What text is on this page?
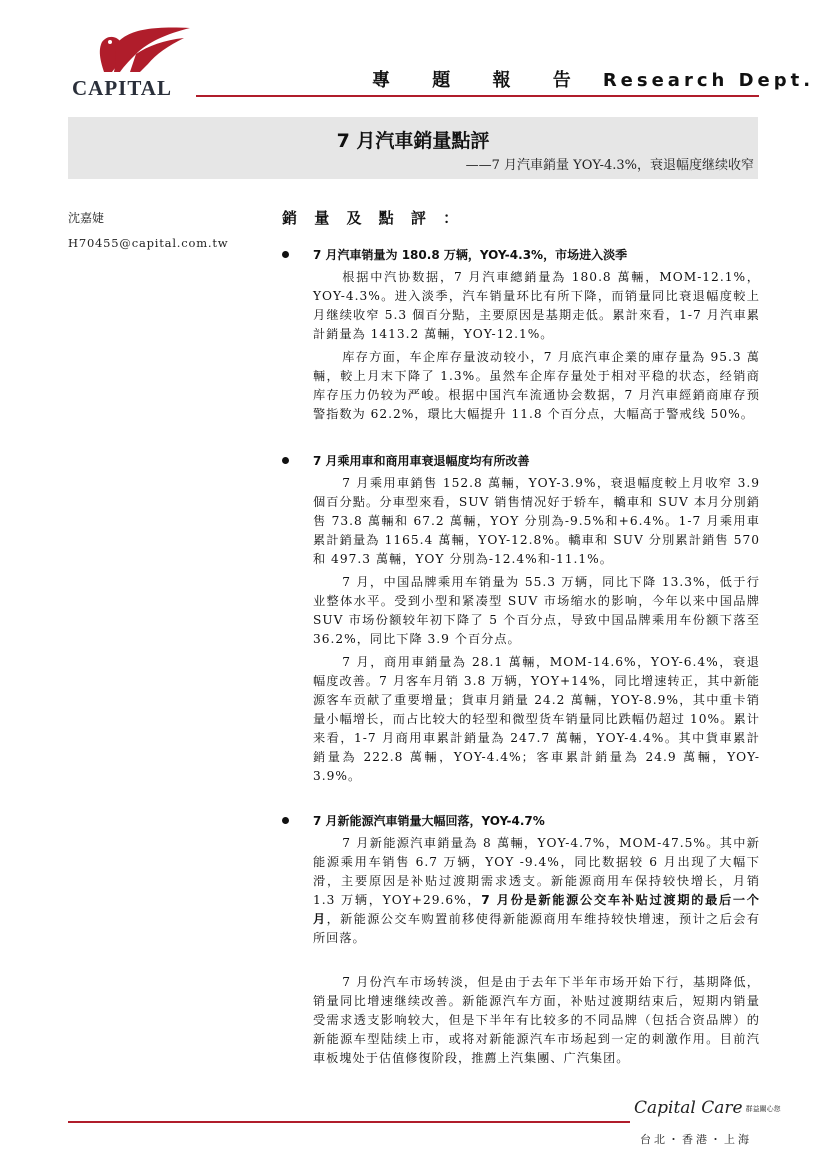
CAPITAL	專 題 報 告 Research Dept.
7 月汽車銷量點評
——7 月汽車銷量 YOY-4.3%，衰退幅度继续收窄
沈嘉婕
H70455@capital.com.tw
銷 量 及 點 評 ：
7 月汽車销量为 180.8 万辆，YOY-4.3%，市场进入淡季

根据中汽协数据，7 月汽車總銷量為 180.8 萬輛，MOM-12.1%，YOY-4.3%。进入淡季，汽车销量环比有所下降，而销量同比衰退幅度較上月继续收窄 5.3 個百分點，主要原因是基期走低。累計來看，1-7 月汽車累計銷量為 1413.2 萬輛，YOY-12.1%。

库存方面，车企库存量波动较小，7 月底汽車企業的庫存量為 95.3 萬輛，較上月末下降了 1.3%。虽然车企库存量处于相对平稳的状态，经销商库存压力仍较为严峻。根据中国汽车流通协会数据，7 月汽車經銷商庫存预警指数为 62.2%，環比大幅提升 11.8 个百分点，大幅高于警戒线 50%。

7 月乘用車和商用車衰退幅度均有所改善

7 月乘用車銷售 152.8 萬輛，YOY-3.9%，衰退幅度較上月收窄 3.9 個百分點。分車型來看，SUV 销售情况好于轿车，轎車和 SUV 本月分別銷售 73.8 萬輛和 67.2 萬輛，YOY 分別為-9.5%和+6.4%。1-7 月乘用車累計銷量為 1165.4 萬輛，YOY-12.8%。轎車和 SUV 分別累計銷售 570 和 497.3 萬輛，YOY 分別為-12.4%和-11.1%。

7 月，中国品牌乘用车销量为 55.3 万辆，同比下降 13.3%，低于行业整体水平。受到小型和紧凑型 SUV 市场缩水的影响，今年以来中国品牌 SUV 市场份额较年初下降了 5 个百分点，导致中国品牌乘用车份额下落至 36.2%，同比下降 3.9 个百分点。

7 月，商用車銷量為 28.1 萬輛，MOM-14.6%，YOY-6.4%，衰退幅度改善。7 月客车月销 3.8 万辆，YOY+14%，同比增速转正，其中新能源客车贡献了重要增量；貨車月銷量 24.2 萬輛，YOY-8.9%，其中重卡销量小幅增长，而占比较大的轻型和微型货车销量同比跌幅仍超过 10%。累计来看，1-7 月商用車累計銷量為 247.7 萬輛，YOY-4.4%。其中貨車累計銷量為 222.8 萬輛，YOY-4.4%；客車累計銷量為 24.9 萬輛，YOY-3.9%。

7 月新能源汽車销量大幅回落，YOY-4.7%

7 月新能源汽車銷量為 8 萬輛，YOY-4.7%，MOM-47.5%。其中新能源乘用车销售 6.7 万辆，YOY -9.4%，同比数据较 6 月出现了大幅下滑，主要原因是补贴过渡期需求透支。新能源商用车保持较快增长，月销 1.3 万辆，YOY+29.6%，7 月份是新能源公交车补贴过渡期的最后一个月，新能源公交车购置前移使得新能源商用车维持较快增速，预计之后会有所回落。

7 月份汽车市场转淡，但是由于去年下半年市场开始下行，基期降低，销量同比增速继续改善。新能源汽车方面，补贴过渡期结束后，短期内销量受需求透支影响较大，但是下半年有比较多的不同品牌（包括合资品牌）的新能源车型陆续上市，或将对新能源汽车市场起到一定的刺激作用。目前汽車板塊处于估值修復阶段，推薦上汽集團、广汽集团。

Capital Care 群益關心您
台北・香港・上海
